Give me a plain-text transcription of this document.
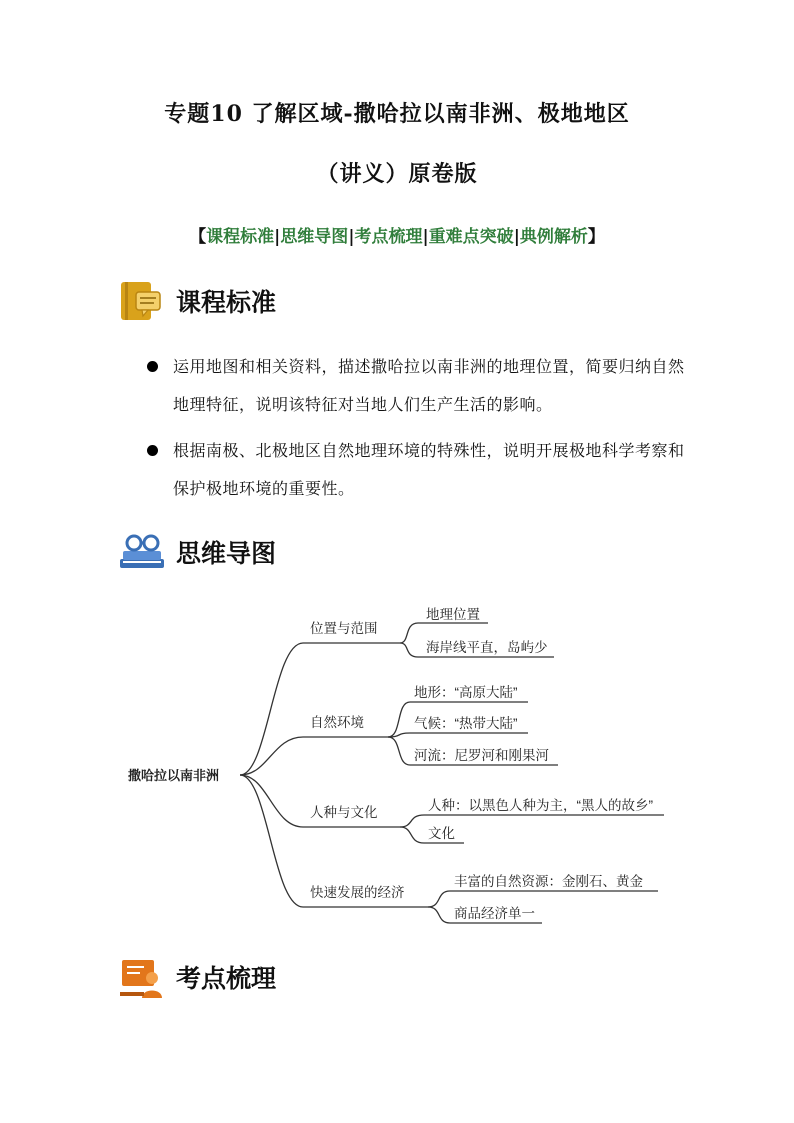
专题10 了解区域-撒哈拉以南非洲、极地地区
（讲义）原卷版
【课程标准|思维导图|考点梳理|重难点突破|典例解析】
课程标准
运用地图和相关资料，描述撒哈拉以南非洲的地理位置，简要归纳自然地理特征，说明该特征对当地人们生产生活的影响。
根据南极、北极地区自然地理环境的特殊性，说明开展极地科学考察和保护极地环境的重要性。
思维导图
撒哈拉以南非洲
位置与范围
自然环境
人种与文化
快速发展的经济
地理位置
海岸线平直，岛屿少
地形：“高原大陆”
气候：“热带大陆”
河流：尼罗河和刚果河
人种：以黑色人种为主，“黑人的故乡”
文化
丰富的自然资源：金刚石、黄金
商品经济单一
考点梳理
